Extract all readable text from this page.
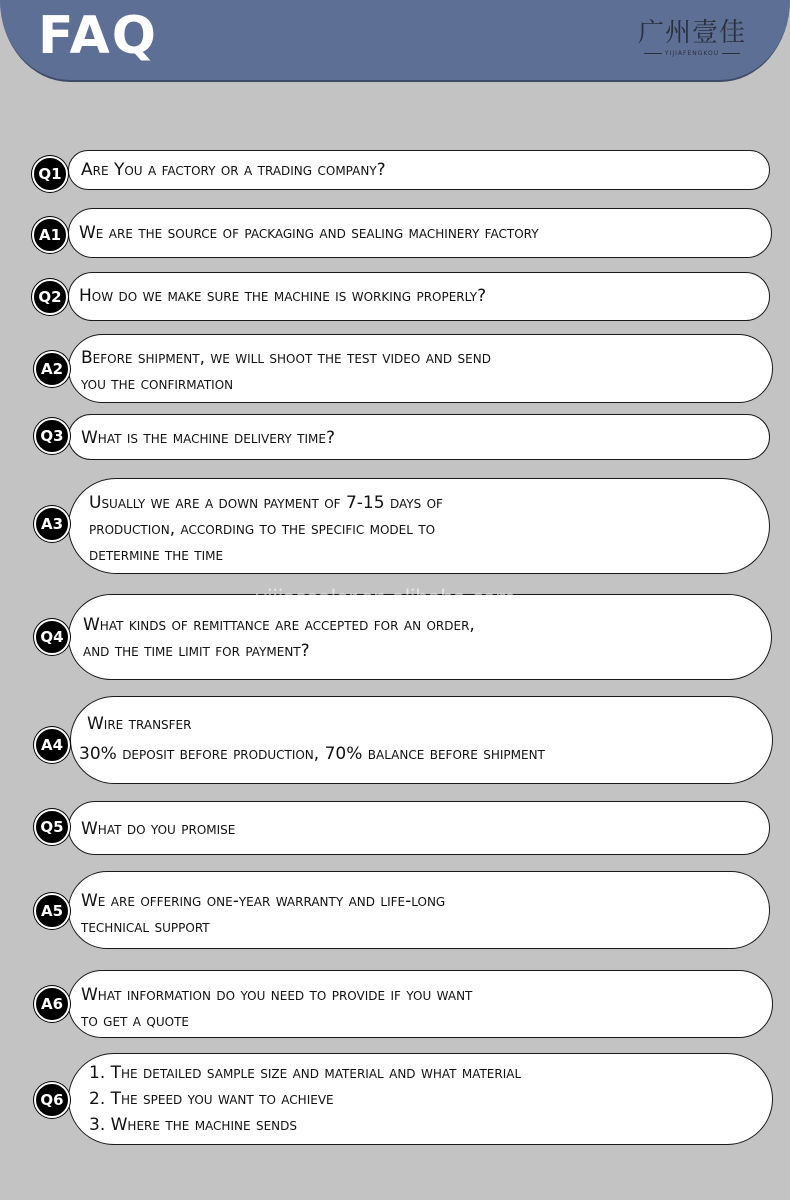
FAQ	广州壹佳
YIJIAFENGKOU
Are You a factory or a trading company?
Q1
We are the source of packaging and sealing machinery factory
A1
How do we make sure the machine is working properly?
Q2
Before shipment, we will shoot the test video and send
you the confirmation
A2
What is the machine delivery time?
Q3
Usually we are a down payment of 7-15 days of
production, according to the specific model to
determine the time
A3
What kinds of remittance are accepted for an order,
and the time limit for payment?
Q4
Wire transfer
30% deposit before production, 70% balance before shipment
A4
What do you promise
Q5
We are offering one-year warranty and life-long
technical support
A5
What information do you need to provide if you want
to get a quote
A6
1. The detailed sample size and material and what material
2. The speed you want to achieve
3. Where the machine sends
Q6
yijiasealer.en.alibaba.com
